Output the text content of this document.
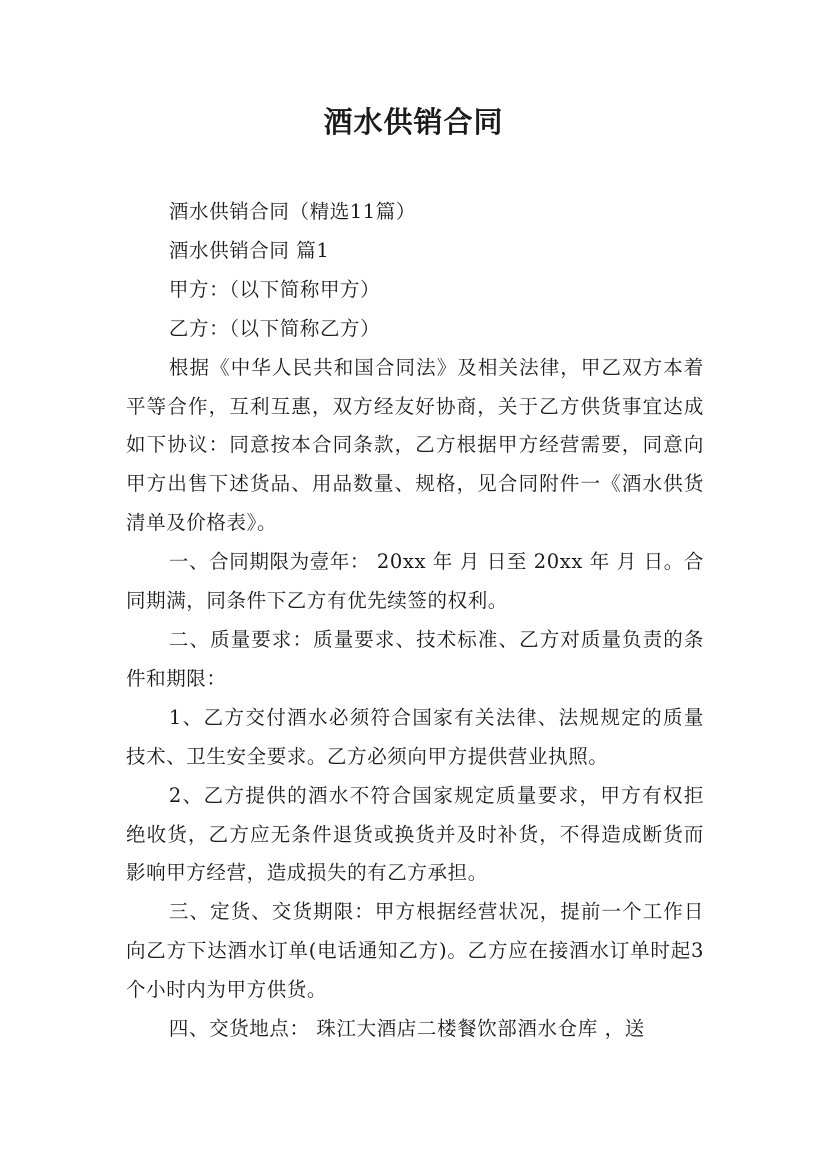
酒水供销合同

酒水供销合同（精选11篇）

酒水供销合同 篇1

甲方：（以下简称甲方）

乙方：（以下简称乙方）

根据《中华人民共和国合同法》及相关法律，甲乙双方本着平等合作，互利互惠，双方经友好协商，关于乙方供货事宜达成如下协议：同意按本合同条款，乙方根据甲方经营需要，同意向甲方出售下述货品、用品数量、规格，见合同附件一《酒水供货清单及价格表》。

一、合同期限为壹年： 20xx 年 月 日至 20xx 年 月 日。合同期满，同条件下乙方有优先续签的权利。

二、质量要求：质量要求、技术标准、乙方对质量负责的条件和期限：

1、乙方交付酒水必须符合国家有关法律、法规规定的质量技术、卫生安全要求。乙方必须向甲方提供营业执照。

2、乙方提供的酒水不符合国家规定质量要求，甲方有权拒绝收货，乙方应无条件退货或换货并及时补货，不得造成断货而影响甲方经营，造成损失的有乙方承担。

三、定货、交货期限：甲方根据经营状况，提前一个工作日向乙方下达酒水订单(电话通知乙方)。乙方应在接酒水订单时起3个小时内为甲方供货。

四、交货地点： 珠江大酒店二楼餐饮部酒水仓库 ，送
